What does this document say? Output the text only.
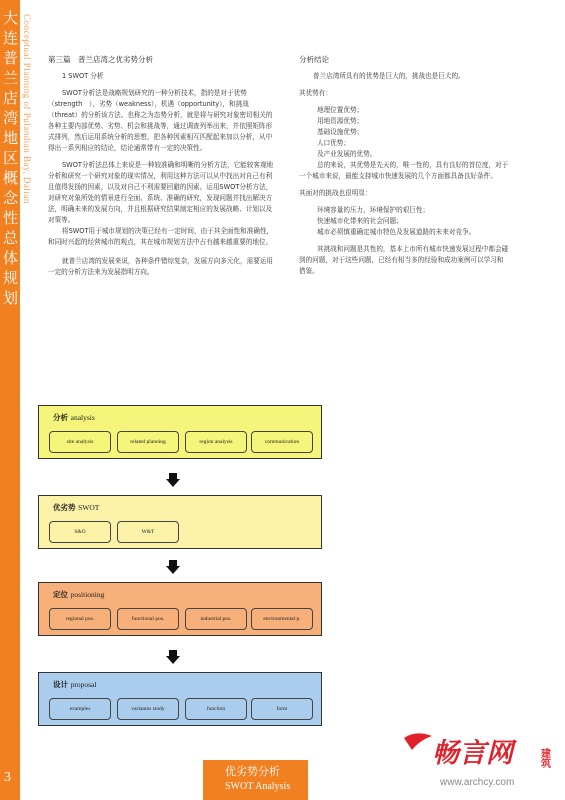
大连普兰店湾地区概念性总体规划
Conceptual Planning of Pulandian Bay, Dalian 第三篇　普兰店湾之优劣势分析

1 SWOT 分析

SWOT分析法是战略规划研究的一种分析技术，指的是对于优势（strength　），劣势（weakness），机遇（opportunity），和挑战（threat）的分析该方法。也称之为态势分析，就是将与研究对象密切相关的各种主要内部优势、劣势、机会和挑战等，通过调查列举出来，并依照矩阵形式排列，然后运用系统分析的思想，把各种因素相互匹配起来加以分析，从中得出一系列相应的结论，结论通常带有一定的决策性。

SWOT分析法总体上来说是一种较准确和明晰的分析方法，它能较客观地分析和研究一个研究对象的现实情况，利用这种方法可以从中找出对自己有利且值得发扬的因素，以及对自己不利需要回避的因素。运用SWOT分析方法，对研究对象所处的情景进行全面、系统、准确的研究，发现问题并找出解决方法，明确未来的发展方向，并且根据研究结果制定相应的发展战略、计划以及对策等。

将SWOT用于城市规划的决策已经有一定时间，由于其全面性和准确性，和同时兴起的经营城市的观点，其在城市规划方法中占有越来越重要的地位。

就普兰店湾的发展来说，各种条件错综复杂，发展方向多元化，需要运用一定的分析方法来为发展指明方向。

分析结论

普兰店湾所具有的优势是巨大的，挑战也是巨大的。

其优势有：

地理位置优势；

用地资源优势；

基础设施优势；

人口优势；

及产业发展的优势。

总的来说，其优势是先天的，唯一性的，具有良好的首位度，对于一个城市来说，最能支持城市快速发展的几个方面都具备良好条件。

其面对的挑战也很明显：

环境容量的压力，环境保护的艰巨性；

快速城市化带来的社会问题；

城市必须慎重确定城市特色及发展道路的未来对竞争。

其挑战和问题是共性的，基本上市所有城市快速发展过程中都会碰到的问题，对于这些问题，已经有相当多的经验和成功案例可以学习和借鉴。

分析 analysis
site analysis	related planning	region analysis	communication
优劣势 SWOT
S&O	W&T
定位 positioning
regional pos.	functional pos.	industrial pos.	environmental p.
设计 proposal
examples	variantes study	function	form
3	优劣势分析
SWOT Analysis
畅言网	建筑
www.archcy.com
